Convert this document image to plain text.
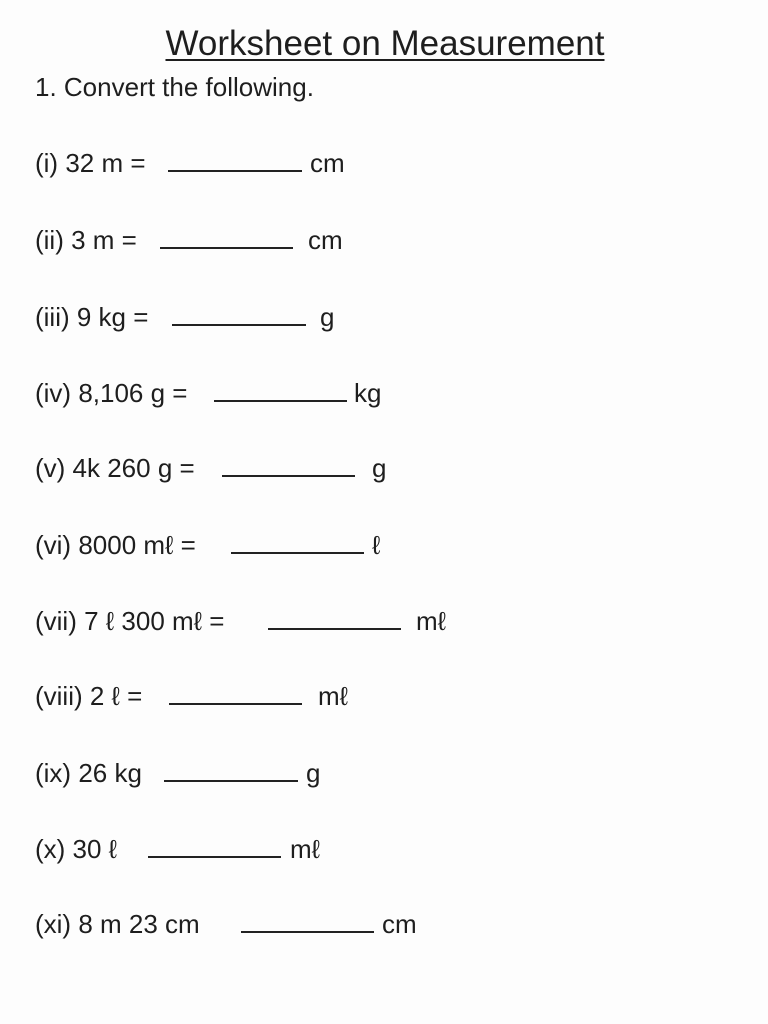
Worksheet on Measurement
1. Convert the following.
(i) 32 m =	cm
(ii) 3 m =	cm
(iii) 9 kg =	g
(iv) 8,106 g =	kg
(v) 4k 260 g =	g
(vi) 8000 mℓ =	ℓ
(vii) 7 ℓ 300 mℓ =	mℓ
(viii) 2 ℓ =	mℓ
(ix) 26 kg	g
(x) 30 ℓ	mℓ
(xi) 8 m 23 cm	cm
